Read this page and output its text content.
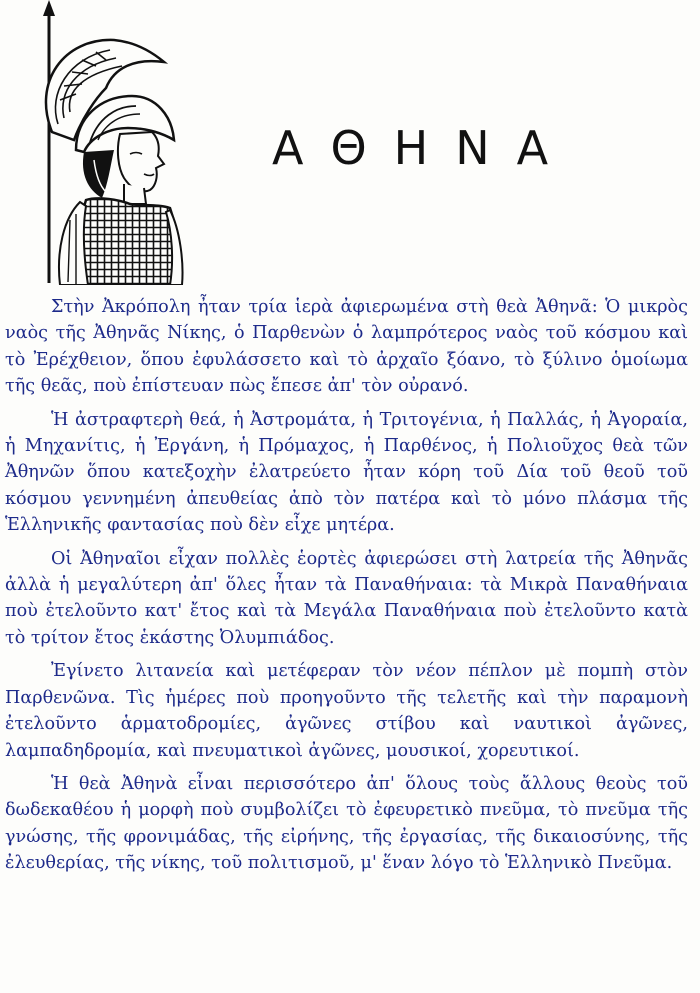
ΑΘΗΝΑ

Στὴν Ἀκρόπολη ἦταν τρία ἱερὰ ἀφιερωμένα στὴ θεὰ Ἀθηνᾶ: Ὁ μικρὸς ναὸς τῆς Ἀθηνᾶς Νίκης, ὁ Παρθενὼν ὁ λαμπρότερος ναὸς τοῦ κόσμου καὶ τὸ Ἐρέχθειον, ὅπου ἐφυλάσσετο καὶ τὸ ἀρχαῖο ξόανο, τὸ ξύλινο ὁμοίωμα τῆς θεᾶς, ποὺ ἐπίστευαν πὼς ἔπεσε ἀπ' τὸν οὐρανό.

Ἡ ἀστραφτερὴ θεά, ἡ Ἀστρομάτα, ἡ Τριτογένια, ἡ Παλλάς, ἡ Ἀγοραία, ἡ Μηχανίτις, ἡ Ἐργάνη, ἡ Πρόμαχος, ἡ Παρθένος, ἡ Πολιοῦχος θεὰ τῶν Ἀθηνῶν ὅπου κατεξοχὴν ἐλατρεύετο ἦταν κόρη τοῦ Δία τοῦ θεοῦ τοῦ κόσμου γεννημένη ἀπευθείας ἀπὸ τὸν πατέρα καὶ τὸ μόνο πλάσμα τῆς Ἑλληνικῆς φαντασίας ποὺ δὲν εἶχε μητέρα.

Οἱ Ἀθηναῖοι εἶχαν πολλὲς ἑορτὲς ἀφιερώσει στὴ λατρεία τῆς Ἀθηνᾶς ἀλλὰ ἡ μεγαλύτερη ἀπ' ὅλες ἦταν τὰ Παναθήναια: τὰ Μικρὰ Παναθήναια ποὺ ἐτελοῦντο κατ' ἔτος καὶ τὰ Μεγάλα Παναθήναια ποὺ ἐτελοῦντο κατὰ τὸ τρίτον ἔτος ἑκάστης Ὀλυμπιάδος.

Ἐγίνετο λιτανεία καὶ μετέφεραν τὸν νέον πέπλον μὲ πομπὴ στὸν Παρθενῶνα. Τὶς ἡμέρες ποὺ προηγοῦντο τῆς τελετῆς καὶ τὴν παραμονὴ ἐτελοῦντο ἁρματοδρομίες, ἀγῶνες στίβου καὶ ναυτικοὶ ἀγῶνες, λαμπαδηδρομία, καὶ πνευματικοὶ ἀγῶνες, μουσικοί, χορευτικοί.

Ἡ θεὰ Ἀθηνὰ εἶναι περισσότερο ἀπ' ὅλους τοὺς ἄλλους θεοὺς τοῦ δωδεκαθέου ἡ μορφὴ ποὺ συμβολίζει τὸ ἐφευρετικὸ πνεῦμα, τὸ πνεῦμα τῆς γνώσης, τῆς φρονιμάδας, τῆς εἰρήνης, τῆς ἐργασίας, τῆς δικαιοσύνης, τῆς ἐλευθερίας, τῆς νίκης, τοῦ πολιτισμοῦ, μ' ἕναν λόγο τὸ Ἑλληνικὸ Πνεῦμα.
